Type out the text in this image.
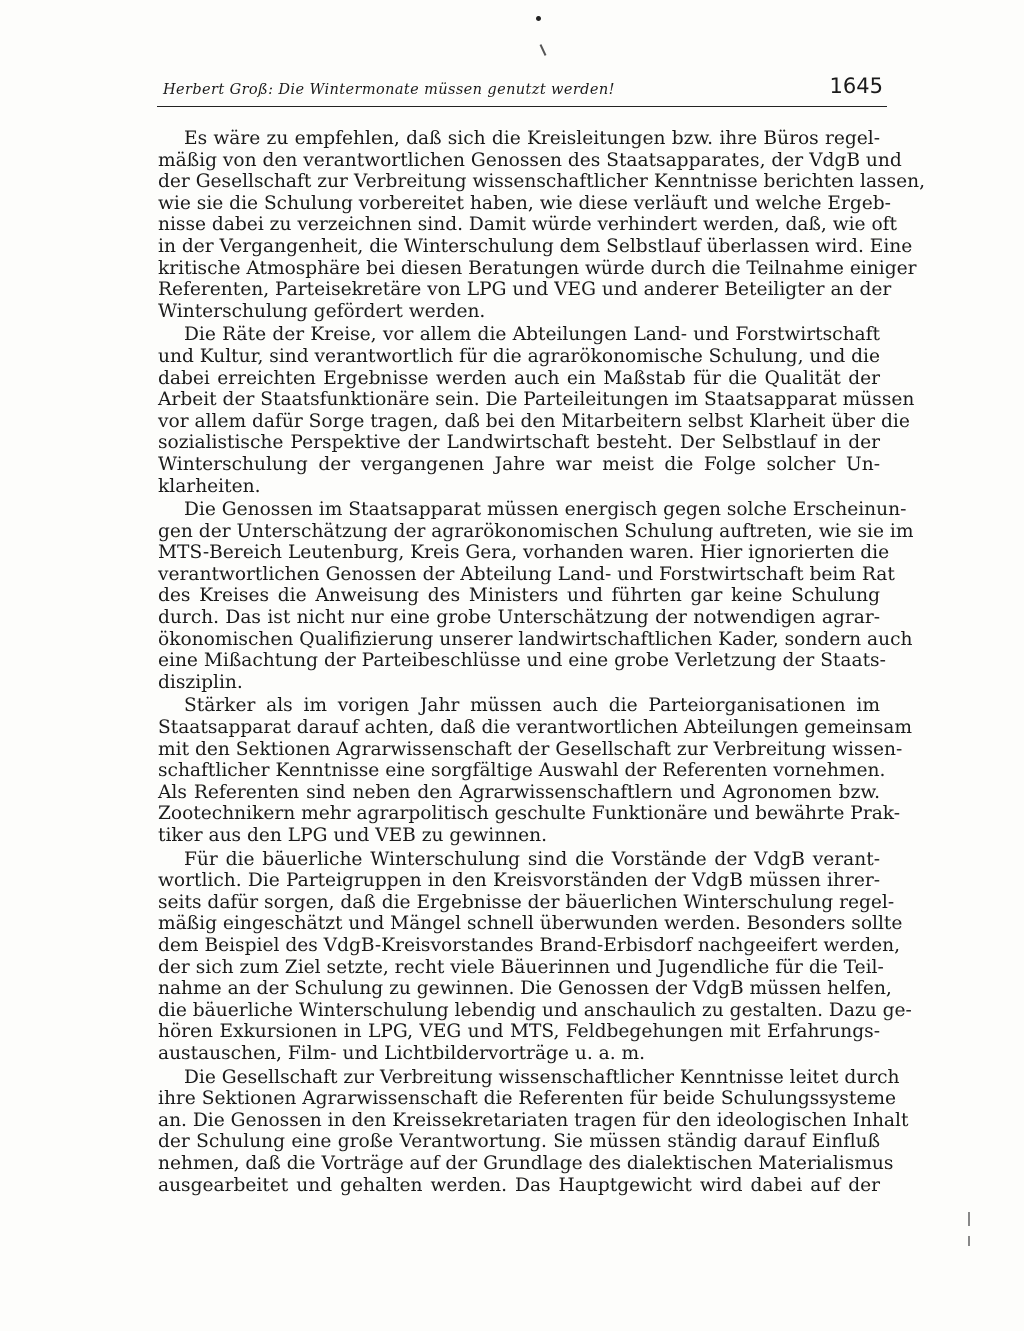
Herbert Groß: Die Wintermonate müssen genutzt werden!	1645
Es wäre zu empfehlen, daß sich die Kreisleitungen bzw. ihre Büros regel-
mäßig von den verantwortlichen Genossen des Staatsapparates, der VdgB und
der Gesellschaft zur Verbreitung wissenschaftlicher Kenntnisse berichten lassen,
wie sie die Schulung vorbereitet haben, wie diese verläuft und welche Ergeb-
nisse dabei zu verzeichnen sind. Damit würde verhindert werden, daß, wie oft
in der Vergangenheit, die Winterschulung dem Selbstlauf überlassen wird. Eine
kritische Atmosphäre bei diesen Beratungen würde durch die Teilnahme einiger
Referenten, Parteisekretäre von LPG und VEG und anderer Beteiligter an der
Winterschulung gefördert werden.
Die Räte der Kreise, vor allem die Abteilungen Land- und Forstwirtschaft
und Kultur, sind verantwortlich für die agrarökonomische Schulung, und die
dabei erreichten Ergebnisse werden auch ein Maßstab für die Qualität der
Arbeit der Staatsfunktionäre sein. Die Parteileitungen im Staatsapparat müssen
vor allem dafür Sorge tragen, daß bei den Mitarbeitern selbst Klarheit über die
sozialistische Perspektive der Landwirtschaft besteht. Der Selbstlauf in der
Winterschulung der vergangenen Jahre war meist die Folge solcher Un-
klarheiten.
Die Genossen im Staatsapparat müssen energisch gegen solche Erscheinun-
gen der Unterschätzung der agrarökonomischen Schulung auftreten, wie sie im
MTS-Bereich Leutenburg, Kreis Gera, vorhanden waren. Hier ignorierten die
verantwortlichen Genossen der Abteilung Land- und Forstwirtschaft beim Rat
des Kreises die Anweisung des Ministers und führten gar keine Schulung
durch. Das ist nicht nur eine grobe Unterschätzung der notwendigen agrar-
ökonomischen Qualifizierung unserer landwirtschaftlichen Kader, sondern auch
eine Mißachtung der Parteibeschlüsse und eine grobe Verletzung der Staats-
disziplin.
Stärker als im vorigen Jahr müssen auch die Parteiorganisationen im
Staatsapparat darauf achten, daß die verantwortlichen Abteilungen gemeinsam
mit den Sektionen Agrarwissenschaft der Gesellschaft zur Verbreitung wissen-
schaftlicher Kenntnisse eine sorgfältige Auswahl der Referenten vornehmen.
Als Referenten sind neben den Agrarwissenschaftlern und Agronomen bzw.
Zootechnikern mehr agrarpolitisch geschulte Funktionäre und bewährte Prak-
tiker aus den LPG und VEB zu gewinnen.
Für die bäuerliche Winterschulung sind die Vorstände der VdgB verant-
wortlich. Die Parteigruppen in den Kreisvorständen der VdgB müssen ihrer-
seits dafür sorgen, daß die Ergebnisse der bäuerlichen Winterschulung regel-
mäßig eingeschätzt und Mängel schnell überwunden werden. Besonders sollte
dem Beispiel des VdgB-Kreisvorstandes Brand-Erbisdorf nachgeeifert werden,
der sich zum Ziel setzte, recht viele Bäuerinnen und Jugendliche für die Teil-
nahme an der Schulung zu gewinnen. Die Genossen der VdgB müssen helfen,
die bäuerliche Winterschulung lebendig und anschaulich zu gestalten. Dazu ge-
hören Exkursionen in LPG, VEG und MTS, Feldbegehungen mit Erfahrungs-
austauschen, Film- und Lichtbildervorträge u. a. m.
Die Gesellschaft zur Verbreitung wissenschaftlicher Kenntnisse leitet durch
ihre Sektionen Agrarwissenschaft die Referenten für beide Schulungssysteme
an. Die Genossen in den Kreissekretariaten tragen für den ideologischen Inhalt
der Schulung eine große Verantwortung. Sie müssen ständig darauf Einfluß
nehmen, daß die Vorträge auf der Grundlage des dialektischen Materialismus
ausgearbeitet und gehalten werden. Das Hauptgewicht wird dabei auf der
